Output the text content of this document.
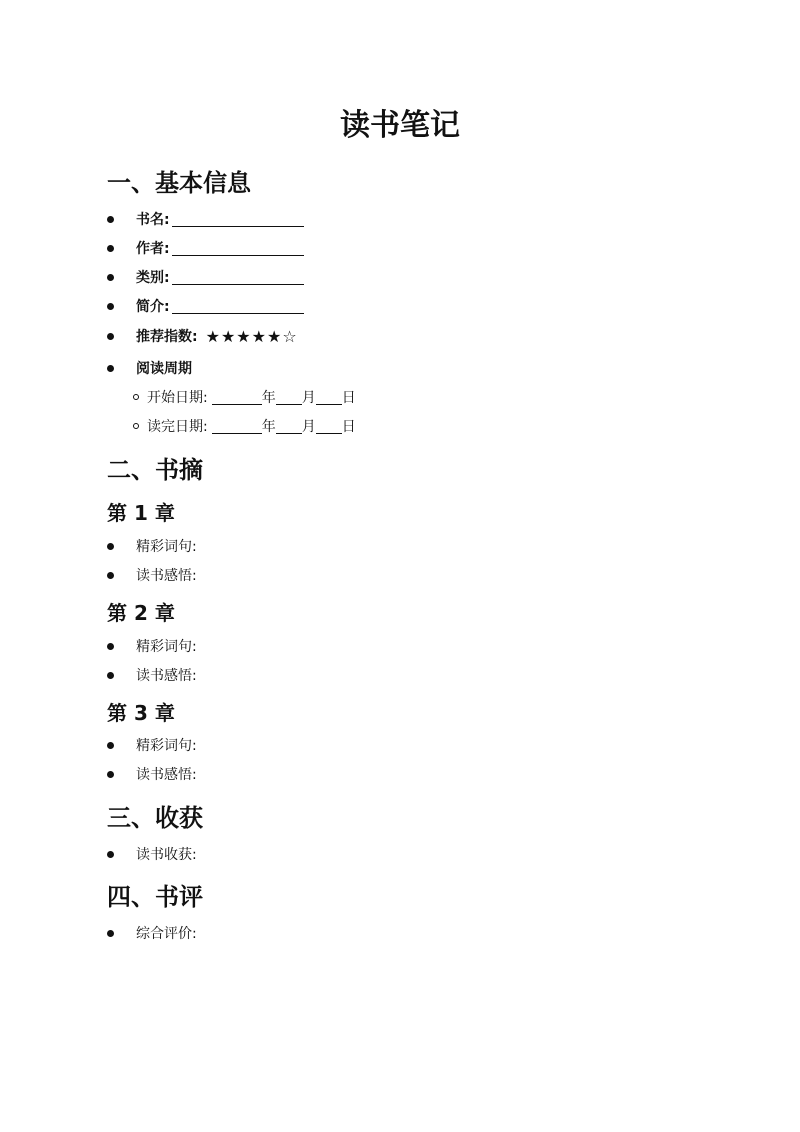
读书笔记
一、基本信息
书名:
作者:
类别:
简介:
推荐指数: ★★★★★☆
阅读周期
开始日期:	年 月 日
读完日期:	年 月 日
二、书摘
第 1 章
精彩词句:
读书感悟:
第 2 章
精彩词句:
读书感悟:
第 3 章
精彩词句:
读书感悟:
三、收获
读书收获:
四、书评
综合评价:
